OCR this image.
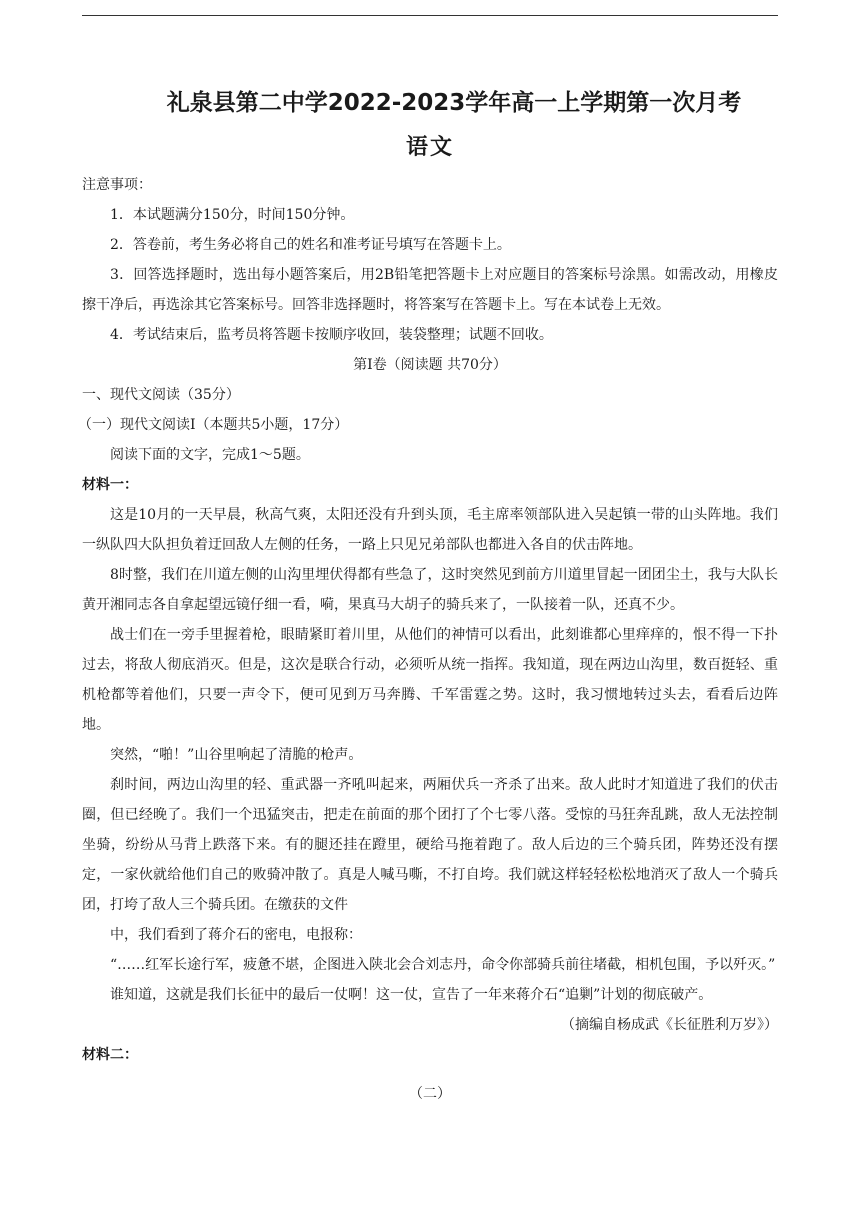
礼泉县第二中学2022-2023学年高一上学期第一次月考
语文

注意事项：

1．本试题满分150分，时间150分钟。

2．答卷前，考生务必将自己的姓名和准考证号填写在答题卡上。

3．回答选择题时，选出每小题答案后，用2B铅笔把答题卡上对应题目的答案标号涂黑。如需改动，用橡皮擦干净后，再选涂其它答案标号。回答非选择题时，将答案写在答题卡上。写在本试卷上无效。

4．考试结束后，监考员将答题卡按顺序收回，装袋整理；试题不回收。

第Ⅰ卷（阅读题 共70分）

一、现代文阅读（35分）

（一）现代文阅读Ⅰ（本题共5小题，17分）

阅读下面的文字，完成1～5题。

材料一：

这是10月的一天早晨，秋高气爽，太阳还没有升到头顶，毛主席率领部队进入吴起镇一带的山头阵地。我们一纵队四大队担负着迂回敌人左侧的任务，一路上只见兄弟部队也都进入各自的伏击阵地。

8时整，我们在川道左侧的山沟里埋伏得都有些急了，这时突然见到前方川道里冒起一团团尘土，我与大队长黄开湘同志各自拿起望远镜仔细一看，嗬，果真马大胡子的骑兵来了，一队接着一队，还真不少。

战士们在一旁手里握着枪，眼睛紧盯着川里，从他们的神情可以看出，此刻谁都心里痒痒的，恨不得一下扑过去，将敌人彻底消灭。但是，这次是联合行动，必须听从统一指挥。我知道，现在两边山沟里，数百挺轻、重机枪都等着他们，只要一声令下，便可见到万马奔腾、千军雷霆之势。这时，我习惯地转过头去，看看后边阵地。

突然，“啪！”山谷里响起了清脆的枪声。

刹时间，两边山沟里的轻、重武器一齐吼叫起来，两厢伏兵一齐杀了出来。敌人此时才知道进了我们的伏击圈，但已经晚了。我们一个迅猛突击，把走在前面的那个团打了个七零八落。受惊的马狂奔乱跳，敌人无法控制坐骑，纷纷从马背上跌落下来。有的腿还挂在蹬里，硬给马拖着跑了。敌人后边的三个骑兵团，阵势还没有摆定，一家伙就给他们自己的败骑冲散了。真是人喊马嘶，不打自垮。我们就这样轻轻松松地消灭了敌人一个骑兵团，打垮了敌人三个骑兵团。在缴获的文件

中，我们看到了蒋介石的密电，电报称：

“……红军长途行军，疲惫不堪，企图进入陕北会合刘志丹，命令你部骑兵前往堵截，相机包围，予以歼灭。”

谁知道，这就是我们长征中的最后一仗啊！这一仗，宣告了一年来蒋介石“追剿”计划的彻底破产。

（摘编自杨成武《长征胜利万岁》）

材料二：

（二）
